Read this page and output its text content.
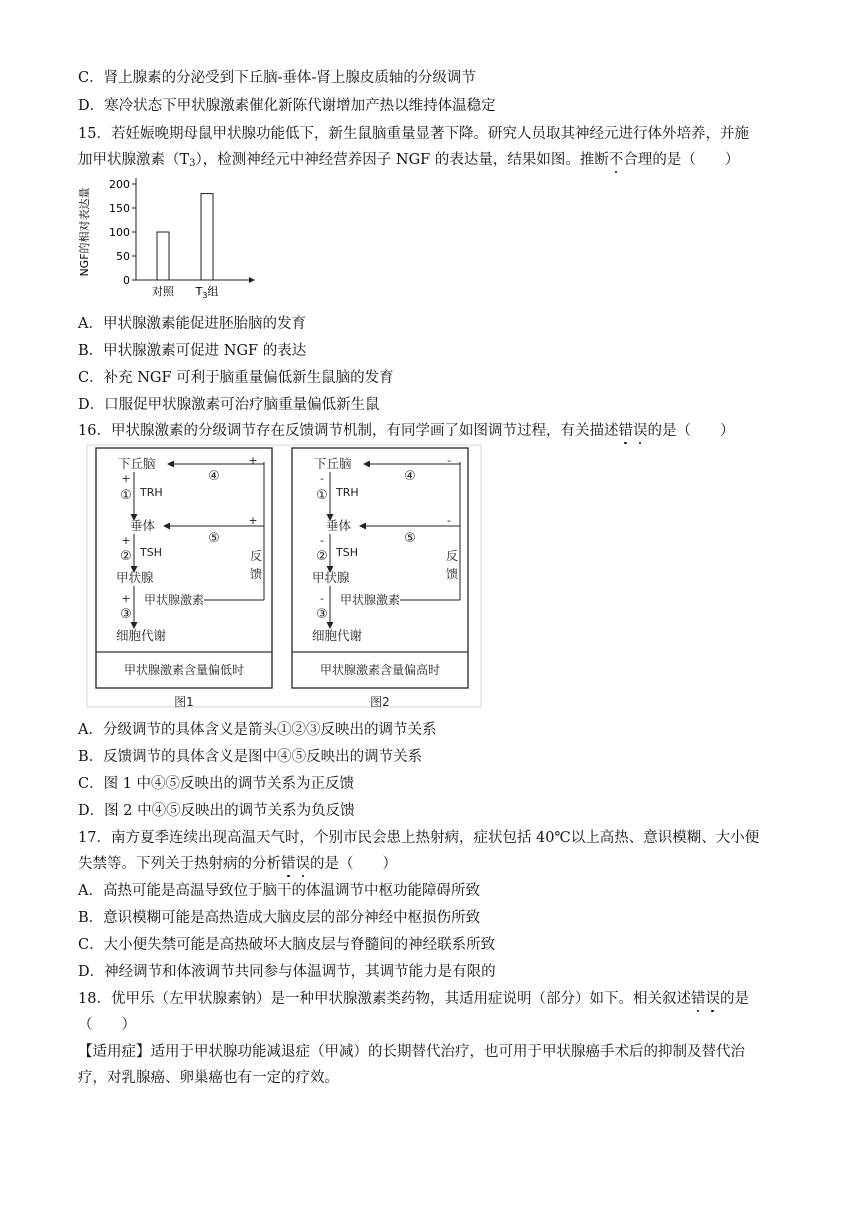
C．肾上腺素的分泌受到下丘脑-垂体-肾上腺皮质轴的分级调节
D．寒冷状态下甲状腺激素催化新陈代谢增加产热以维持体温稳定
15．若妊娠晚期母鼠甲状腺功能低下，新生鼠脑重量显著下降。研究人员取其神经元进行体外培养，并施
加甲状腺激素$(T_3)$，检测神经元中神经营养因子 NGF 的表达量，结果如图。推断不合理的是（　　）
NGF的相对表达量
0
50
100
150
200
对照 $T_3$组
A．甲状腺激素能促进胚胎脑的发育
B．甲状腺激素可促进 NGF 的表达
C．补充 NGF 可利于脑重量偏低新生鼠脑的发育
D．口服促甲状腺激素可治疗脑重量偏低新生鼠
16．甲状腺激素的分级调节存在反馈调节机制，有同学画了如图调节过程，有关描述错误的是（　　）
下丘脑
TRH
垂体
TSH
甲状腺
甲状腺激素
细胞代谢
+
①
+
②
+
③
④
⑤
+
+
反
馈
甲状腺激素含量偏低时
图1
下丘脑
TRH
垂体
TSH
甲状腺
甲状腺激素
细胞代谢
-
①
-
②
-
③
④
⑤
-
-
反
馈
甲状腺激素含量偏高时
图2
A．分级调节的具体含义是箭头①②③反映出的调节关系
B．反馈调节的具体含义是图中④⑤反映出的调节关系
C．图 1 中④⑤反映出的调节关系为正反馈
D．图 2 中④⑤反映出的调节关系为负反馈
17．南方夏季连续出现高温天气时，个别市民会患上热射病，症状包括 40℃以上高热、意识模糊、大小便
失禁等。下列关于热射病的分析错误的是（　　）
A．高热可能是高温导致位于脑干的体温调节中枢功能障碍所致
B．意识模糊可能是高热造成大脑皮层的部分神经中枢损伤所致
C．大小便失禁可能是高热破坏大脑皮层与脊髓间的神经联系所致
D．神经调节和体液调节共同参与体温调节，其调节能力是有限的
18．优甲乐（左甲状腺素钠）是一种甲状腺激素类药物，其适用症说明（部分）如下。相关叙述错误的是
（　　）
【适用症】适用于甲状腺功能减退症（甲减）的长期替代治疗，也可用于甲状腺癌手术后的抑制及替代治
疗，对乳腺癌、卵巢癌也有一定的疗效。
